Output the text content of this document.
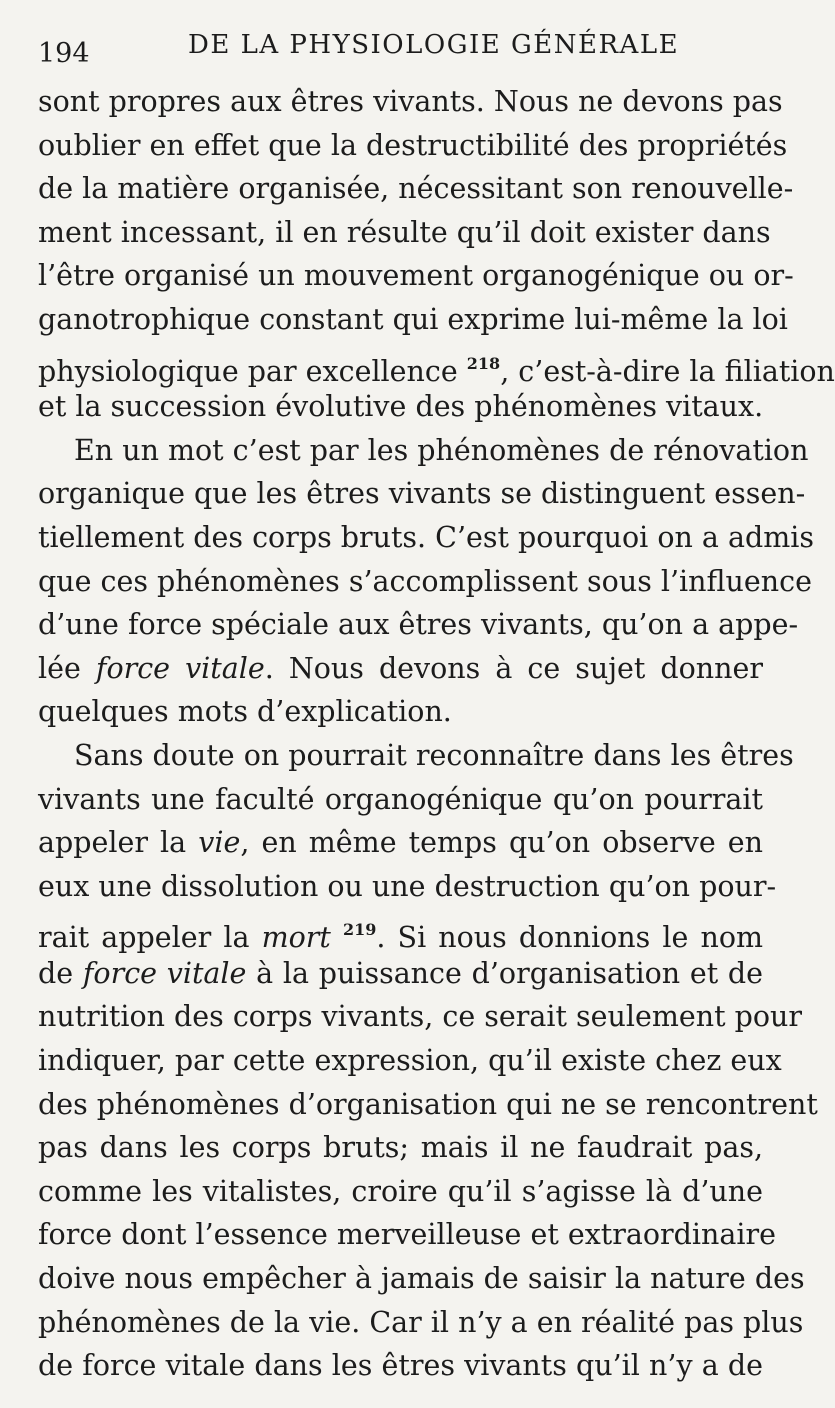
194	DE LA PHYSIOLOGIE GÉNÉRALE
sont propres aux êtres vivants. Nous ne devons pas
oublier en effet que la destructibilité des propriétés
de la matière organisée, nécessitant son renouvelle-
ment incessant, il en résulte qu’il doit exister dans
l’être organisé un mouvement organogénique ou or-
ganotrophique constant qui exprime lui-même la loi
physiologique par excellence $^{218}$, c’est-à-dire la filiation
et la succession évolutive des phénomènes vitaux.
En un mot c’est par les phénomènes de rénovation
organique que les êtres vivants se distinguent essen-
tiellement des corps bruts. C’est pourquoi on a admis
que ces phénomènes s’accomplissent sous l’influence
d’une force spéciale aux êtres vivants, qu’on a appe-
lée force vitale. Nous devons à ce sujet donner
quelques mots d’explication.
Sans doute on pourrait reconnaître dans les êtres
vivants une faculté organogénique qu’on pourrait
appeler la vie, en même temps qu’on observe en
eux une dissolution ou une destruction qu’on pour-
rait appeler la mort $^{219}$. Si nous donnions le nom
de force vitale à la puissance d’organisation et de
nutrition des corps vivants, ce serait seulement pour
indiquer, par cette expression, qu’il existe chez eux
des phénomènes d’organisation qui ne se rencontrent
pas dans les corps bruts; mais il ne faudrait pas,
comme les vitalistes, croire qu’il s’agisse là d’une
force dont l’essence merveilleuse et extraordinaire
doive nous empêcher à jamais de saisir la nature des
phénomènes de la vie. Car il n’y a en réalité pas plus
de force vitale dans les êtres vivants qu’il n’y a de
